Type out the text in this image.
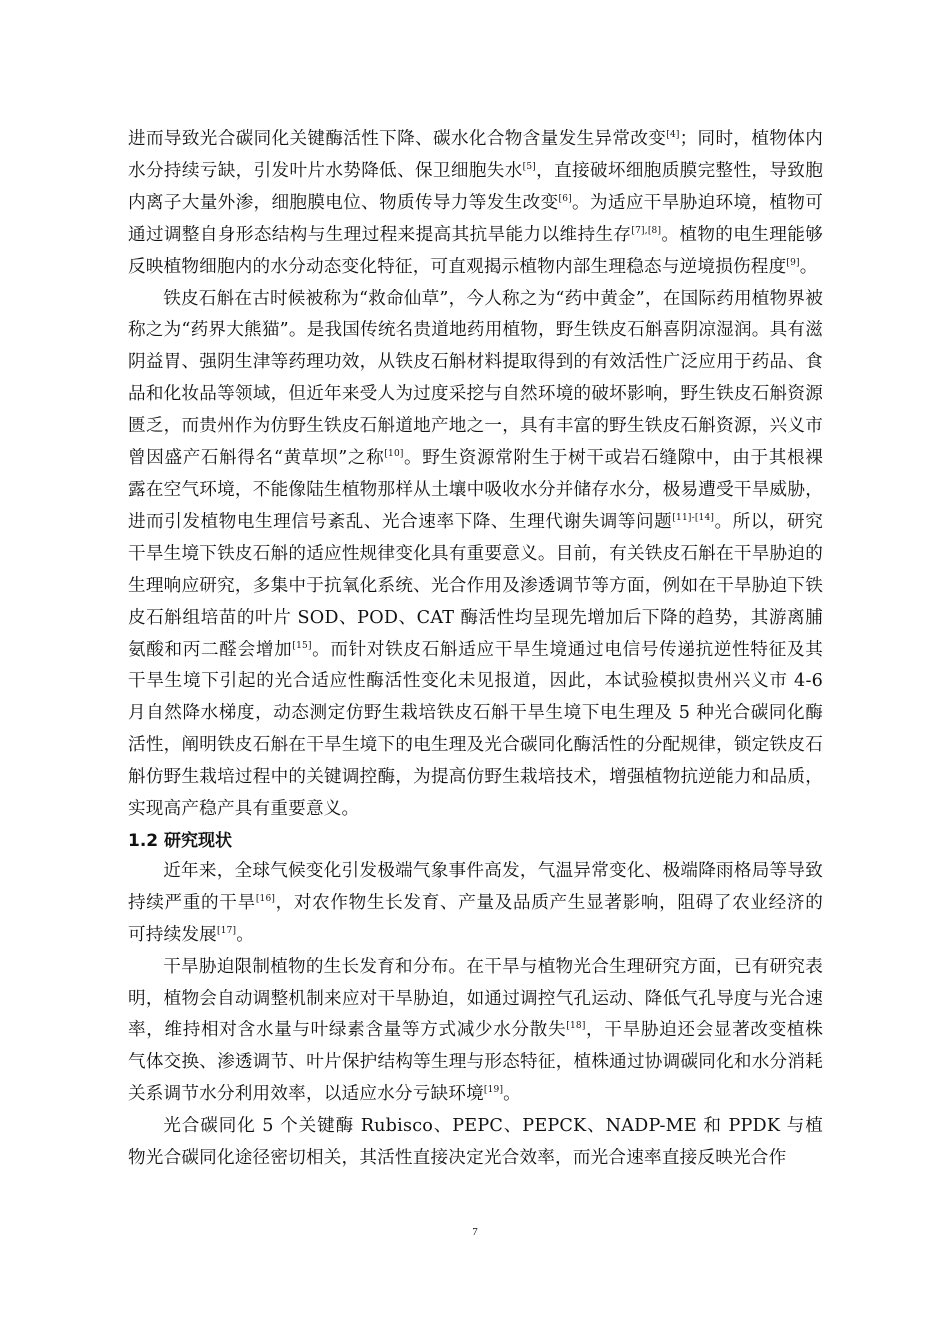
进而导致光合碳同化关键酶活性下降、碳水化合物含量发生异常改变[4]；同时，植物体内水分持续亏缺，引发叶片水势降低、保卫细胞失水[5]，直接破坏细胞质膜完整性，导致胞内离子大量外渗，细胞膜电位、物质传导力等发生改变[6]。为适应干旱胁迫环境，植物可通过调整自身形态结构与生理过程来提高其抗旱能力以维持生存[7],[8]。植物的电生理能够反映植物细胞内的水分动态变化特征，可直观揭示植物内部生理稳态与逆境损伤程度[9]。

铁皮石斛在古时候被称为“救命仙草”，今人称之为“药中黄金”，在国际药用植物界被称之为“药界大熊猫”。是我国传统名贵道地药用植物，野生铁皮石斛喜阴凉湿润。具有滋阴益胃、强阴生津等药理功效，从铁皮石斛材料提取得到的有效活性广泛应用于药品、食品和化妆品等领域，但近年来受人为过度采挖与自然环境的破坏影响，野生铁皮石斛资源匮乏，而贵州作为仿野生铁皮石斛道地产地之一，具有丰富的野生铁皮石斛资源，兴义市曾因盛产石斛得名“黄草坝”之称[10]。野生资源常附生于树干或岩石缝隙中，由于其根裸露在空气环境，不能像陆生植物那样从土壤中吸收水分并储存水分，极易遭受干旱威胁，进而引发植物电生理信号紊乱、光合速率下降、生理代谢失调等问题[11]-[14]。所以，研究干旱生境下铁皮石斛的适应性规律变化具有重要意义。目前，有关铁皮石斛在干旱胁迫的生理响应研究，多集中于抗氧化系统、光合作用及渗透调节等方面，例如在干旱胁迫下铁皮石斛组培苗的叶片 SOD、POD、CAT 酶活性均呈现先增加后下降的趋势，其游离脯氨酸和丙二醛会增加[15]。而针对铁皮石斛适应干旱生境通过电信号传递抗逆性特征及其干旱生境下引起的光合适应性酶活性变化未见报道，因此，本试验模拟贵州兴义市 4-6 月自然降水梯度，动态测定仿野生栽培铁皮石斛干旱生境下电生理及 5 种光合碳同化酶活性，阐明铁皮石斛在干旱生境下的电生理及光合碳同化酶活性的分配规律，锁定铁皮石斛仿野生栽培过程中的关键调控酶，为提高仿野生栽培技术，增强植物抗逆能力和品质，实现高产稳产具有重要意义。

1.2 研究现状

近年来，全球气候变化引发极端气象事件高发，气温异常变化、极端降雨格局等导致持续严重的干旱[16]，对农作物生长发育、产量及品质产生显著影响，阻碍了农业经济的可持续发展[17]。

干旱胁迫限制植物的生长发育和分布。在干旱与植物光合生理研究方面，已有研究表明，植物会自动调整机制来应对干旱胁迫，如通过调控气孔运动、降低气孔导度与光合速率，维持相对含水量与叶绿素含量等方式减少水分散失[18]，干旱胁迫还会显著改变植株气体交换、渗透调节、叶片保护结构等生理与形态特征，植株通过协调碳同化和水分消耗关系调节水分利用效率，以适应水分亏缺环境[19]。

光合碳同化 5 个关键酶 Rubisco、PEPC、PEPCK、NADP-ME 和 PPDK 与植物光合碳同化途径密切相关，其活性直接决定光合效率，而光合速率直接反映光合作

7
